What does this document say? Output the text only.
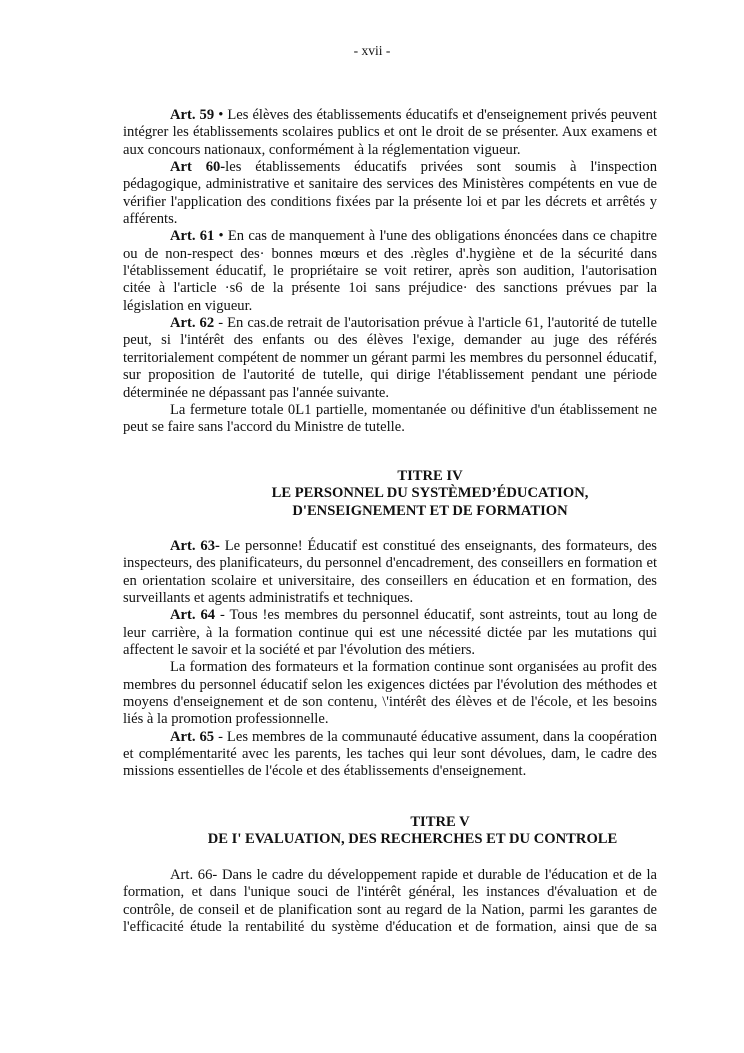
- xvii -

Art. 59 • Les élèves des établissements éducatifs et d'enseignement privés peuvent intégrer les établissements scolaires publics et ont le droit de se présenter. Aux examens et aux concours nationaux, conformément à la réglementation vigueur.

Art 60-les établissements éducatifs privées sont soumis à l'inspection pédagogique, administrative et sanitaire des services des Ministères compétents en vue de vérifier l'application des conditions fixées par la présente loi et par les décrets et arrêtés y afférents.

Art. 61 • En cas de manquement à l'une des obligations énoncées dans ce chapitre ou de non-respect des· bonnes mœurs et des .règles d'.hygiène et de la sécurité dans l'établissement éducatif, le propriétaire se voit retirer, après son audition, l'autorisation citée à l'article ·s6 de la présente 1oi sans préjudice· des sanctions prévues par la législation en vigueur.

Art. 62 - En cas.de retrait de l'autorisation prévue à l'article 61, l'autorité de tutelle peut, si l'intérêt des enfants ou des élèves l'exige, demander au juge des référés territorialement compétent de nommer un gérant parmi les membres du personnel éducatif, sur proposition de l'autorité de tutelle, qui dirige l'établissement pendant une période déterminée ne dépassant pas l'année suivante.

La fermeture totale 0L1 partielle, momentanée ou définitive d'un établissement ne peut se faire sans l'accord du Ministre de tutelle.

TITRE IV
LE PERSONNEL DU SYSTÈMED’ÉDUCATION,
D'ENSEIGNEMENT ET DE FORMATION

Art. 63- Le personne! Éducatif est constitué des enseignants, des formateurs, des inspecteurs, des planificateurs, du personnel d'encadrement, des conseillers en formation et en orientation scolaire et universitaire, des conseillers en éducation et en formation, des surveillants et agents administratifs et techniques.

Art. 64 - Tous !es membres du personnel éducatif, sont astreints, tout au long de leur carrière, à la formation continue qui est une nécessité dictée par les mutations qui affectent le savoir et la société et par l'évolution des métiers.

La formation des formateurs et la formation continue sont organisées au profit des membres du personnel éducatif selon les exigences dictées par l'évolution des méthodes et moyens d'enseignement et de son contenu, \'intérêt des élèves et de l'école, et les besoins liés à la promotion professionnelle.

Art. 65 - Les membres de la communauté éducative assument, dans la coopération et complémentarité avec les parents, les taches qui leur sont dévolues, dam, le cadre des missions essentielles de l'école et des établissements d'enseignement.

TITRE V
DE I' EVALUATION, DES RECHERCHES ET DU CONTROLE

Art. 66- Dans le cadre du développement rapide et durable de l'éducation et de la formation, et dans l'unique souci de l'intérêt général, les instances d'évaluation et de contrôle, de conseil et de planification sont au regard de la Nation, parmi les garantes de l'efficacité étude la rentabilité du système d'éducation et de formation, ainsi que de sa
